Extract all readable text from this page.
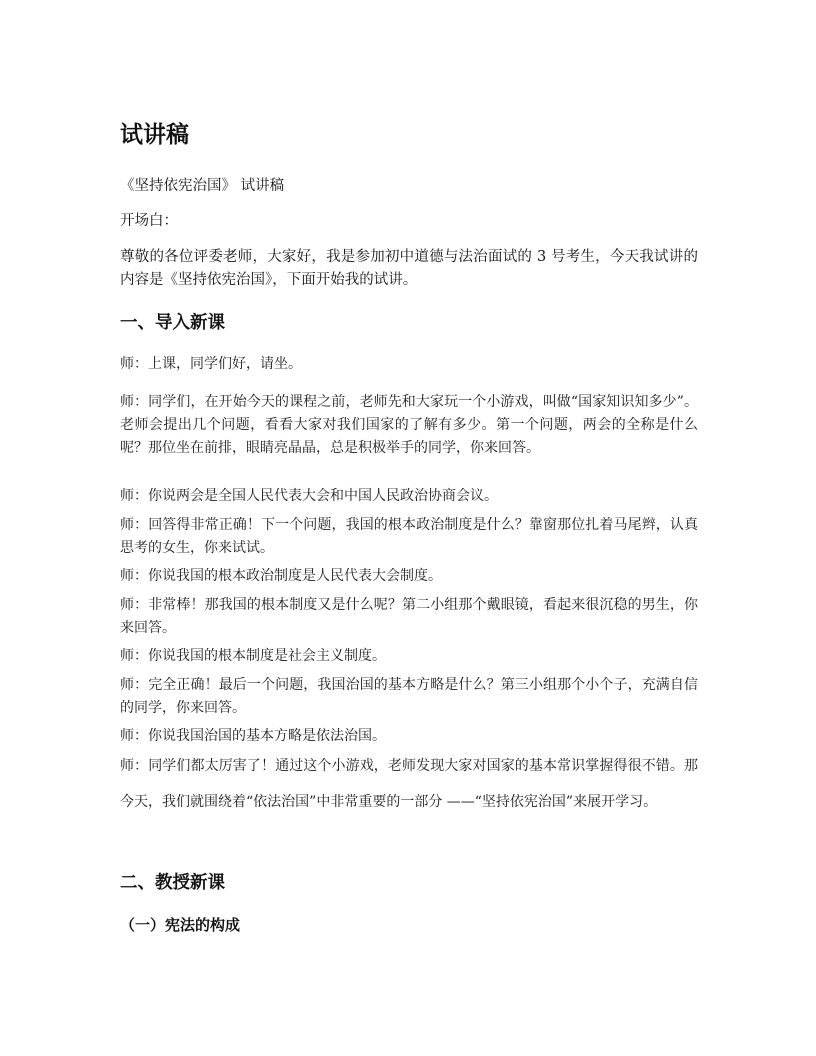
试讲稿

《坚持依宪治国》 试讲稿

开场白：

尊敬的各位评委老师，大家好，我是参加初中道德与法治面试的 3 号考生，今天我试讲的内容是《坚持依宪治国》，下面开始我的试讲。

一、导入新课

师：上课，同学们好，请坐。

师：同学们，在开始今天的课程之前，老师先和大家玩一个小游戏，叫做“国家知识知多少”。老师会提出几个问题，看看大家对我们国家的了解有多少。第一个问题，两会的全称是什么呢？那位坐在前排，眼睛亮晶晶，总是积极举手的同学，你来回答。

师：你说两会是全国人民代表大会和中国人民政治协商会议。

师：回答得非常正确！下一个问题，我国的根本政治制度是什么？靠窗那位扎着马尾辫，认真思考的女生，你来试试。

师：你说我国的根本政治制度是人民代表大会制度。

师：非常棒！那我国的根本制度又是什么呢？第二小组那个戴眼镜，看起来很沉稳的男生，你来回答。

师：你说我国的根本制度是社会主义制度。

师：完全正确！最后一个问题，我国治国的基本方略是什么？第三小组那个小个子，充满自信的同学，你来回答。

师：你说我国治国的基本方略是依法治国。

师：同学们都太厉害了！通过这个小游戏，老师发现大家对国家的基本常识掌握得很不错。那今天，我们就围绕着“依法治国”中非常重要的一部分 ——“坚持依宪治国”来展开学习。

二、教授新课
（一）宪法的构成
